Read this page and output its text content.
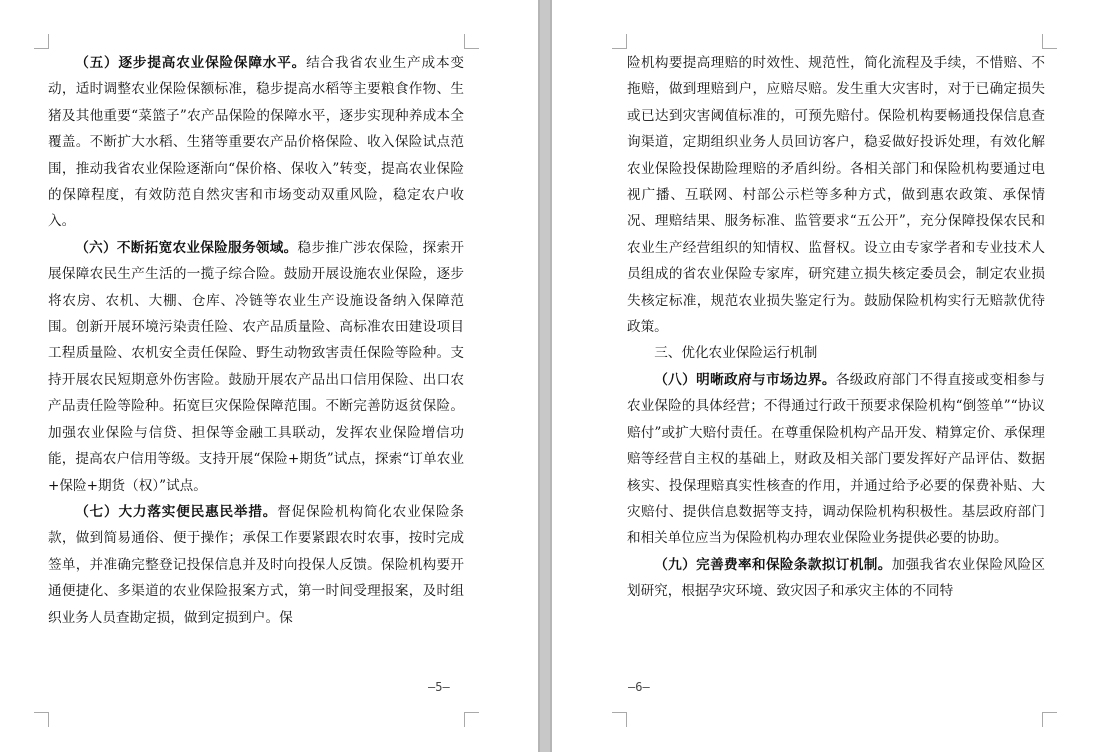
（五）逐步提高农业保险保障水平。结合我省农业生产成本变动，适时调整农业保险保额标准，稳步提高水稻等主要粮食作物、生猪及其他重要“菜篮子”农产品保险的保障水平，逐步实现种养成本全覆盖。不断扩大水稻、生猪等重要农产品价格保险、收入保险试点范围，推动我省农业保险逐渐向“保价格、保收入”转变，提高农业保险的保障程度，有效防范自然灾害和市场变动双重风险，稳定农户收入。

（六）不断拓宽农业保险服务领域。稳步推广涉农保险，探索开展保障农民生产生活的一揽子综合险。鼓励开展设施农业保险，逐步将农房、农机、大棚、仓库、冷链等农业生产设施设备纳入保障范围。创新开展环境污染责任险、农产品质量险、高标准农田建设项目工程质量险、农机安全责任保险、野生动物致害责任保险等险种。支持开展农民短期意外伤害险。鼓励开展农产品出口信用保险、出口农产品责任险等险种。拓宽巨灾保险保障范围。不断完善防返贫保险。加强农业保险与信贷、担保等金融工具联动，发挥农业保险增信功能，提高农户信用等级。支持开展“保险+期货”试点，探索“订单农业+保险+期货（权）”试点。

（七）大力落实便民惠民举措。督促保险机构简化农业保险条款，做到简易通俗、便于操作；承保工作要紧跟农时农事，按时完成签单，并准确完整登记投保信息并及时向投保人反馈。保险机构要开通便捷化、多渠道的农业保险报案方式，第一时间受理报案，及时组织业务人员查勘定损，做到定损到户。保

—5—

险机构要提高理赔的时效性、规范性，简化流程及手续，不惜赔、不拖赔，做到理赔到户，应赔尽赔。发生重大灾害时，对于已确定损失或已达到灾害阈值标准的，可预先赔付。保险机构要畅通投保信息查询渠道，定期组织业务人员回访客户，稳妥做好投诉处理，有效化解农业保险投保勘险理赔的矛盾纠纷。各相关部门和保险机构要通过电视广播、互联网、村部公示栏等多种方式，做到惠农政策、承保情况、理赔结果、服务标准、监管要求“五公开”，充分保障投保农民和农业生产经营组织的知情权、监督权。设立由专家学者和专业技术人员组成的省农业保险专家库，研究建立损失核定委员会，制定农业损失核定标准，规范农业损失鉴定行为。鼓励保险机构实行无赔款优待政策。

三、优化农业保险运行机制

（八）明晰政府与市场边界。各级政府部门不得直接或变相参与农业保险的具体经营；不得通过行政干预要求保险机构“倒签单”“协议赔付”或扩大赔付责任。在尊重保险机构产品开发、精算定价、承保理赔等经营自主权的基础上，财政及相关部门要发挥好产品评估、数据核实、投保理赔真实性核查的作用，并通过给予必要的保费补贴、大灾赔付、提供信息数据等支持，调动保险机构积极性。基层政府部门和相关单位应当为保险机构办理农业保险业务提供必要的协助。

（九）完善费率和保险条款拟订机制。加强我省农业保险风险区划研究，根据孕灾环境、致灾因子和承灾主体的不同特

—6—
